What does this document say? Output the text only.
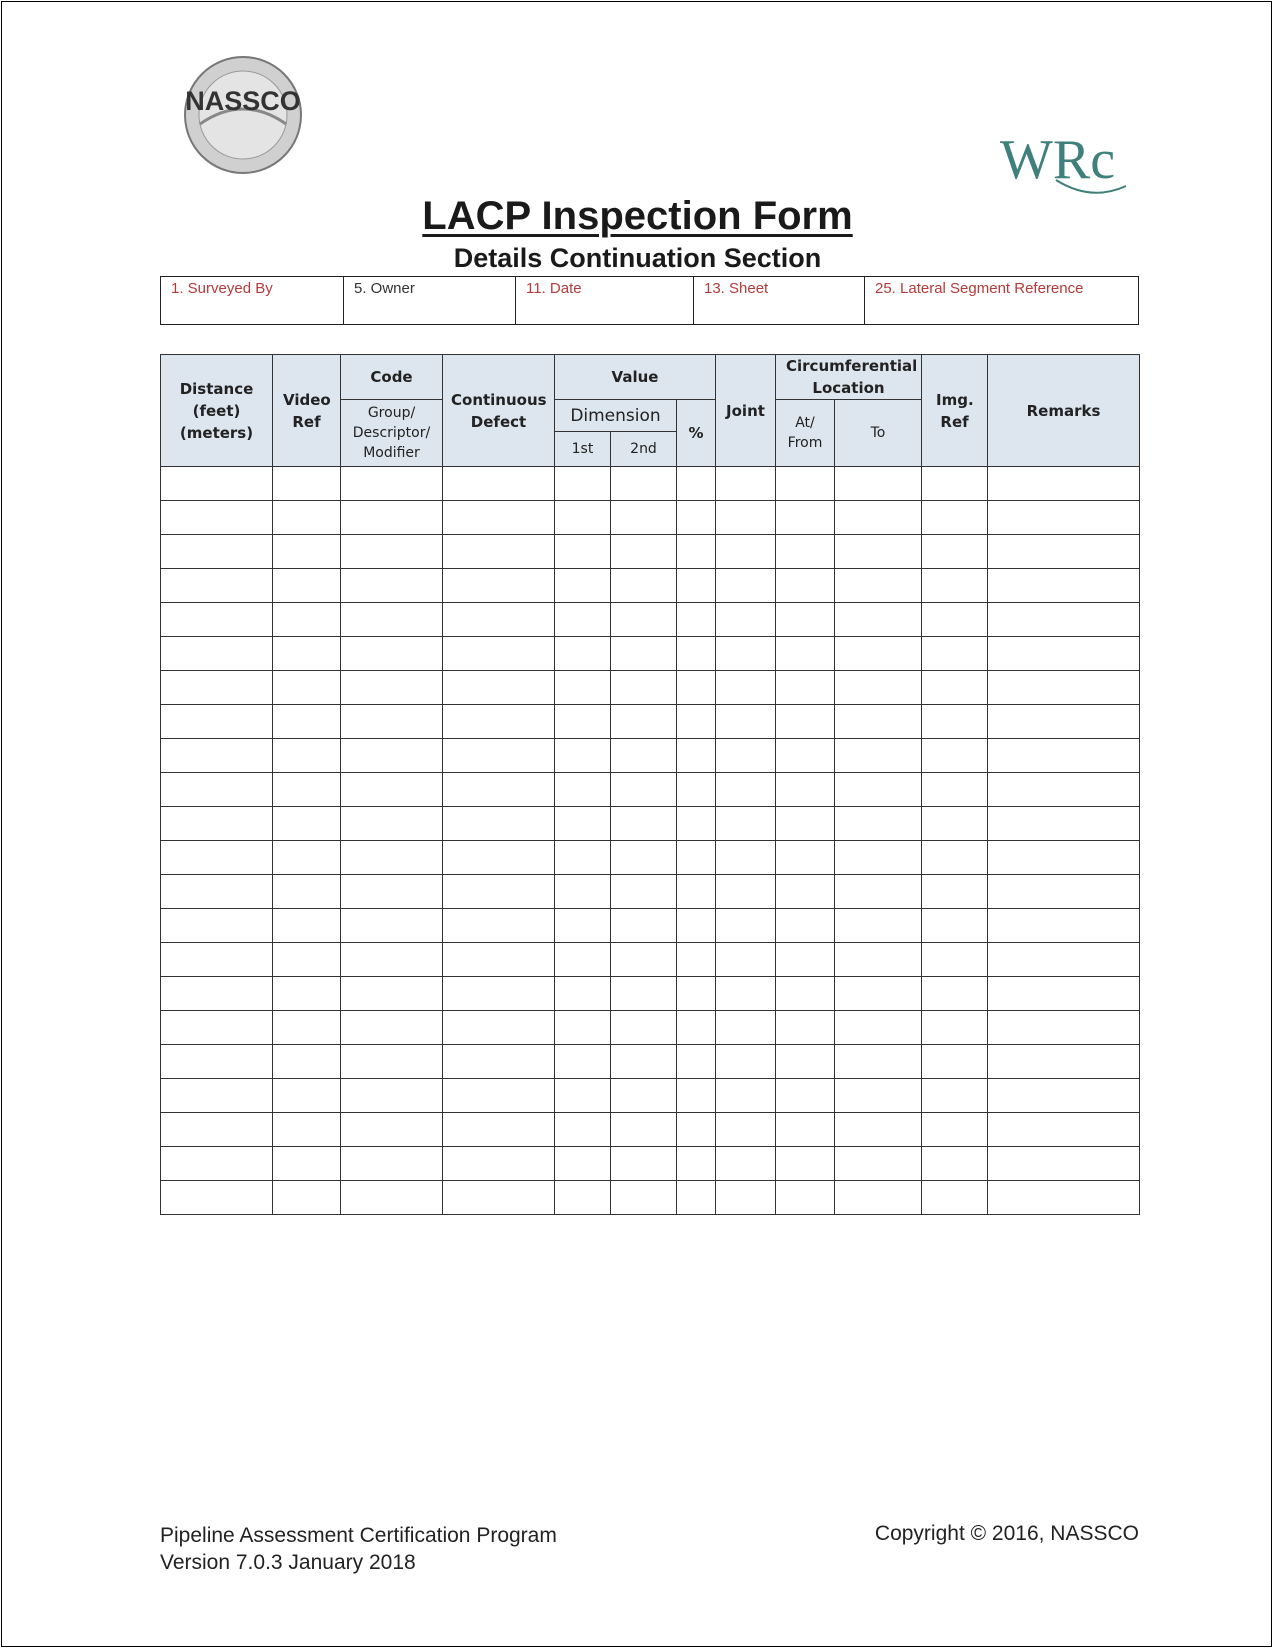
NASSCO
WRc
LACP Inspection Form
Details Continuation Section
1. Surveyed By	5. Owner	11. Date	13. Sheet	25. Lateral Segment Reference
Distance (feet) (meters)	Video Ref	Code	Continuous Defect	Value			Joint	Circumferential Location		Img. Ref	Remarks
		Group/ Descriptor/ Modifier		Dimension		%		At/ From	To		
				1st	2nd						

Pipeline Assessment Certification Program
Version 7.0.3 January 2018
Copyright © 2016, NASSCO
